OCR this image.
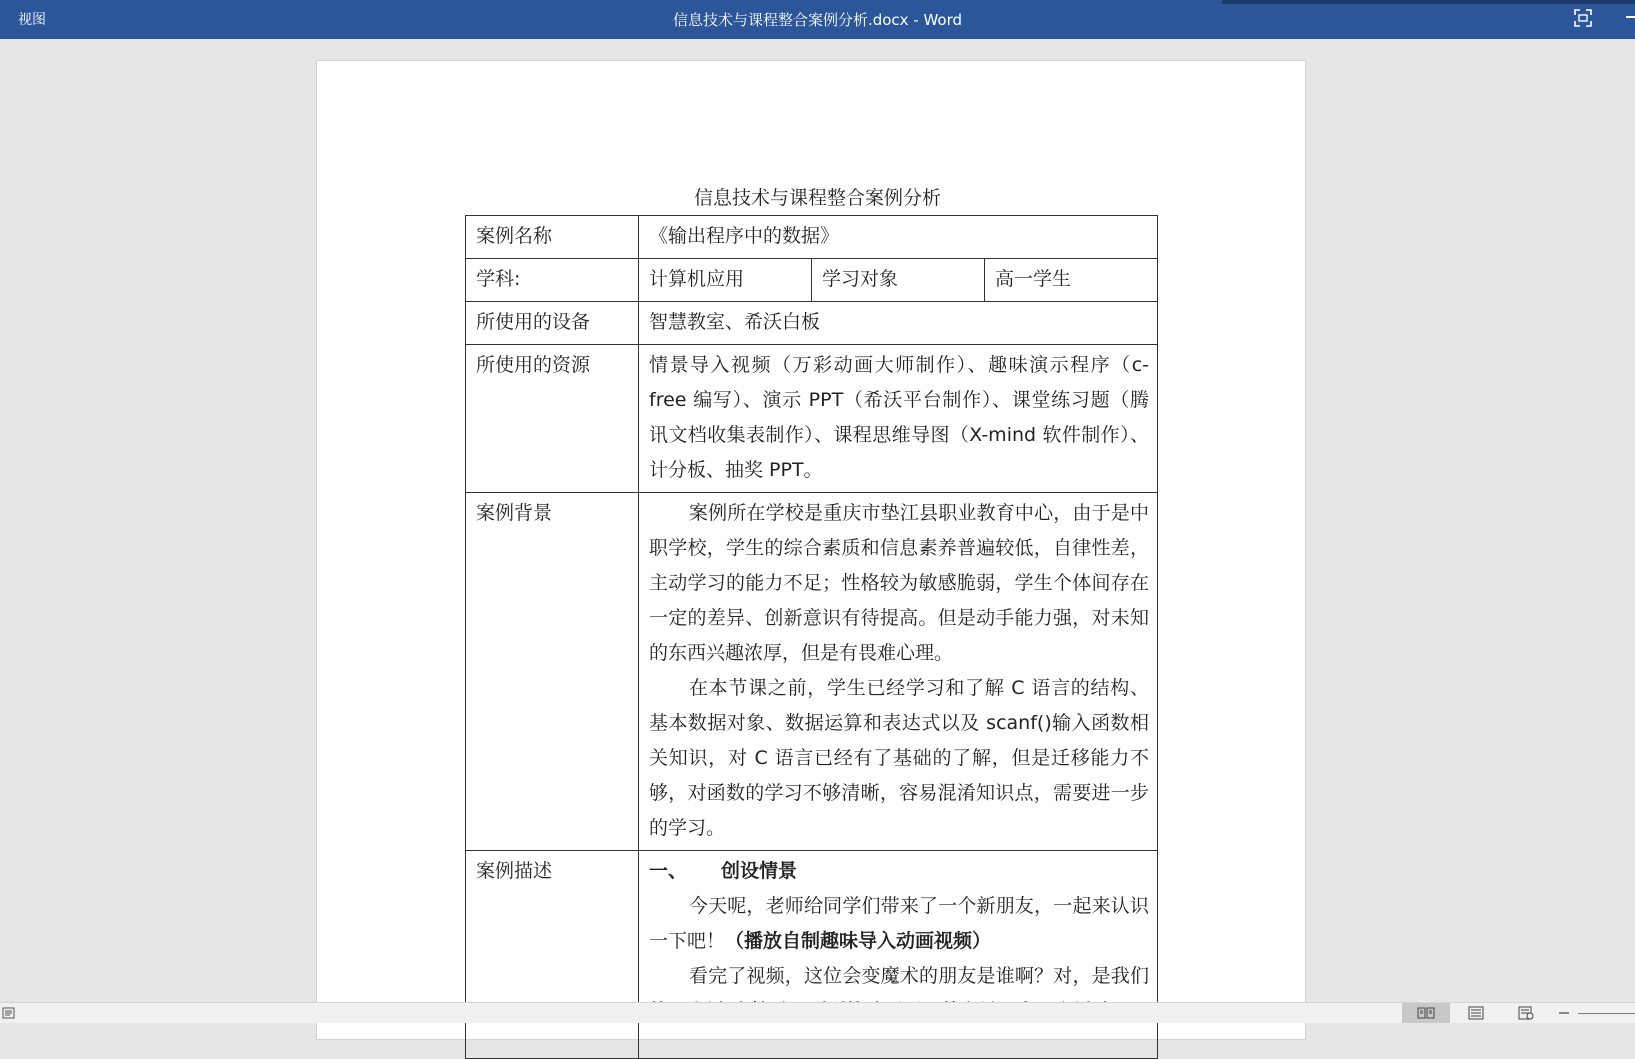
视图	信息技术与课程整合案例分析.docx - Word
信息技术与课程整合案例分析
案例名称	《输出程序中的数据》		
学科:	计算机应用	学习对象	高一学生
所使用的设备	智慧教室、希沃白板		
所使用的资源	情景导入视频（万彩动画大师制作）、趣味演示程序（c-free 编写）、演示 PPT（希沃平台制作）、课堂练习题（腾讯文档收集表制作）、课程思维导图（X-mind 软件制作）、计分板、抽奖 PPT。		
案例背景	案例所在学校是重庆市垫江县职业教育中心，由于是中职学校，学生的综合素质和信息素养普遍较低，自律性差，主动学习的能力不足；性格较为敏感脆弱，学生个体间存在一定的差异、创新意识有待提高。但是动手能力强，对未知的东西兴趣浓厚，但是有畏难心理。

在本节课之前，学生已经学习和了解 C 语言的结构、基本数据对象、数据运算和表达式以及 scanf()输入函数相关知识，对 C 语言已经有了基础的了解，但是迁移能力不够，对函数的学习不够清晰，容易混淆知识点，需要进一步的学习。		

案例描述	一、 创设情景

今天呢，老师给同学们带来了一个新朋友，一起来认识一下吧！（播放自制趣味导入动画视频）

看完了视频，这位会变魔术的朋友是谁啊？对，是我们		
